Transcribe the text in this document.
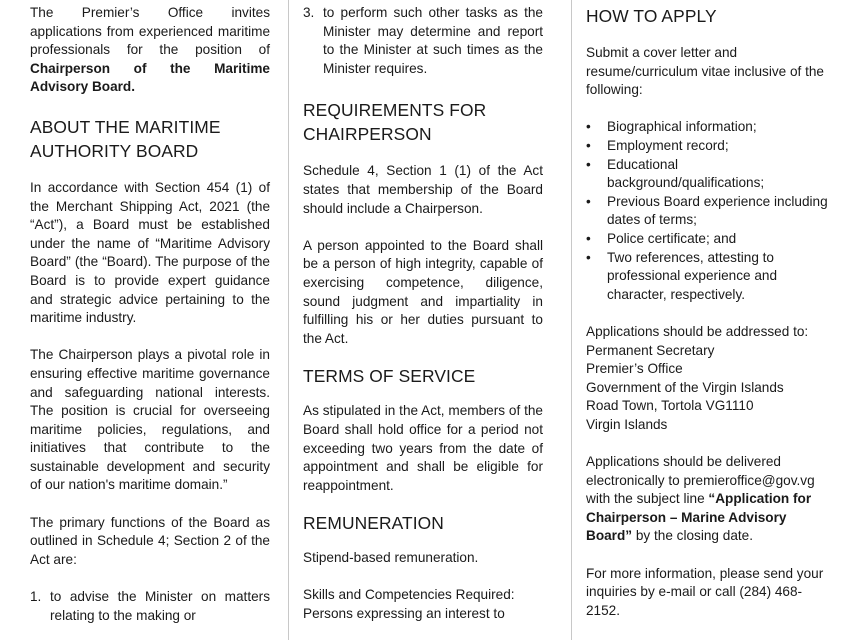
The Premier’s Office invites applications from experienced maritime professionals for the position of Chairperson of the Maritime Advisory Board.

ABOUT THE MARITIME AUTHORITY BOARD

In accordance with Section 454 (1) of the Merchant Shipping Act, 2021 (the “Act”), a Board must be established under the name of “Maritime Advisory Board” (the “Board). The purpose of the Board is to provide expert guidance and strategic advice pertaining to the maritime industry.

The Chairperson plays a pivotal role in ensuring effective maritime governance and safeguarding national interests. The position is crucial for overseeing maritime policies, regulations, and initiatives that contribute to the sustainable development and security of our nation's maritime domain.”

The primary functions of the Board as outlined in Schedule 4; Section 2 of the Act are:

1. to advise the Minister on matters relating to the making or
3. to perform such other tasks as the Minister may determine and report to the Minister at such times as the Minister requires.
REQUIREMENTS FOR CHAIRPERSON

Schedule 4, Section 1 (1) of the Act states that membership of the Board should include a Chairperson.

A person appointed to the Board shall be a person of high integrity, capable of exercising competence, diligence, sound judgment and impartiality in fulfilling his or her duties pursuant to the Act.

TERMS OF SERVICE

As stipulated in the Act, members of the Board shall hold office for a period not exceeding two years from the date of appointment and shall be eligible for reappointment.

REMUNERATION

Stipend-based remuneration.

Skills and Competencies Required: Persons expressing an interest to

HOW TO APPLY

Submit a cover letter and resume/curriculum vitae inclusive of the following:

• Biographical information;
• Employment record;
• Educational background/qualifications;
• Previous Board experience including dates of terms;
• Police certificate; and
• Two references, attesting to professional experience and character, respectively.

Applications should be addressed to:

Permanent Secretary

Premier’s Office

Government of the Virgin Islands

Road Town, Tortola VG1110

Virgin Islands

Applications should be delivered electronically to premieroffice@gov.vg with the subject line “Application for Chairperson – Marine Advisory Board” by the closing date.

For more information, please send your inquiries by e-mail or call (284) 468-2152.
